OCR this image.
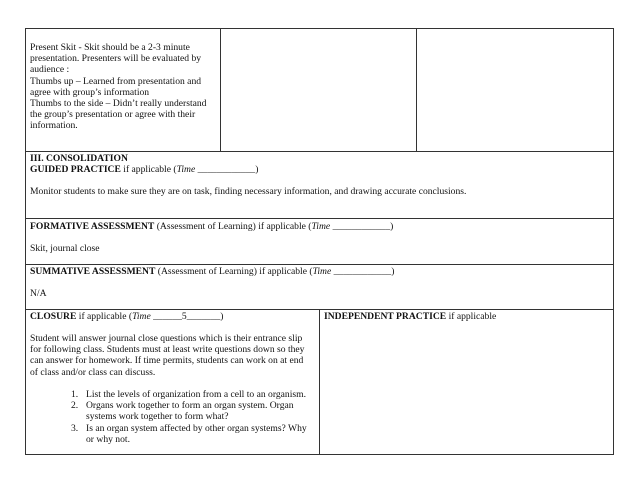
Present Skit - Skit should be a 2-3 minute
presentation. Presenters will be evaluated by
audience :
Thumbs up – Learned from presentation and
agree with group’s information
Thumbs to the side – Didn’t really understand
the group’s presentation or agree with their
information.
III. CONSOLIDATION
GUIDED PRACTICE if applicable (Time ____________)
Monitor students to make sure they are on task, finding necessary information, and drawing accurate conclusions.
FORMATIVE ASSESSMENT (Assessment of Learning) if applicable (Time ____________)
Skit, journal close
SUMMATIVE ASSESSMENT (Assessment of Learning) if applicable (Time ____________)
N/A
CLOSURE if applicable (Time ______5_______)
Student will answer journal close questions which is their entrance slip
for following class. Students must at least write questions down so they
can answer for homework. If time permits, students can work on at end
of class and/or class can discuss.
1. List the levels of organization from a cell to an organism.
2. Organs work together to form an organ system. Organ
systems work together to form what?
3. Is an organ system affected by other organ systems? Why
or why not.
INDEPENDENT PRACTICE if applicable
